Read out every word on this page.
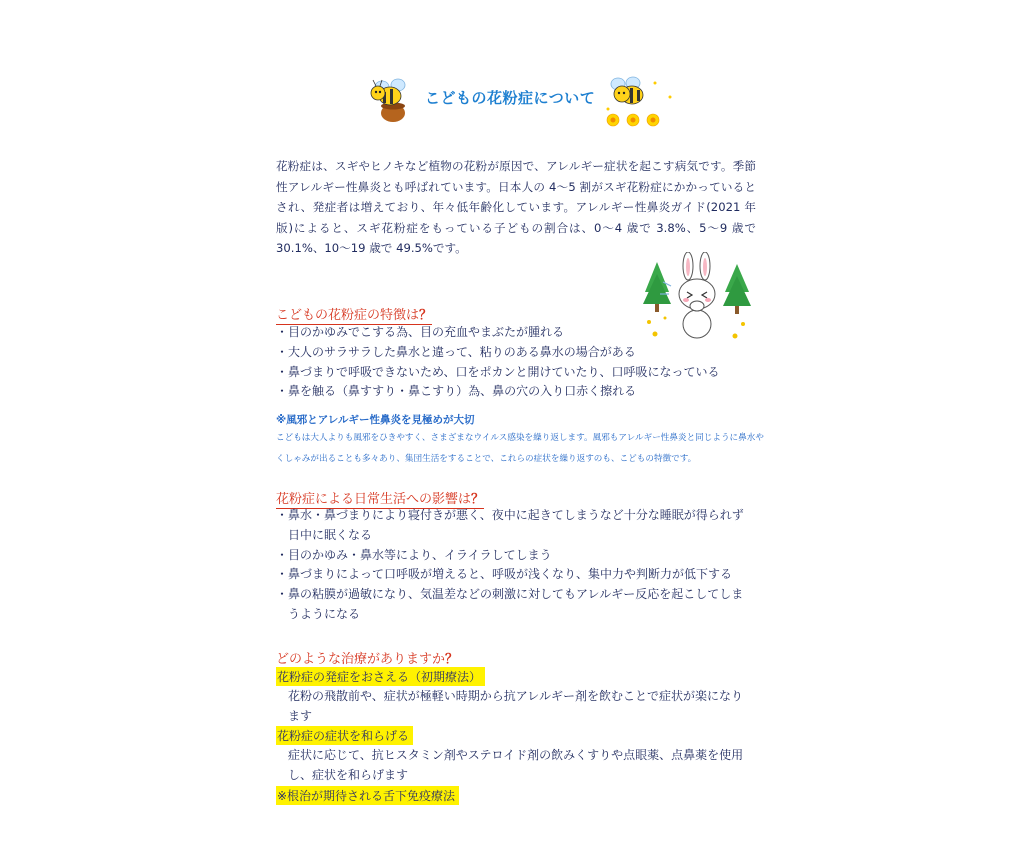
こどもの花粉症について

花粉症は、スギやヒノキなど植物の花粉が原因で、アレルギー症状を起こす病気です。季節性アレルギー性鼻炎とも呼ばれています。日本人の 4～5 割がスギ花粉症にかかっているとされ、発症者は増えており、年々低年齢化しています。アレルギー性鼻炎ガイド(2021 年版)によると、スギ花粉症をもっている子どもの割合は、0～4 歳で 3.8%、5～9 歳で 30.1%、10～19 歳で 49.5%です。

こどもの花粉症の特徴は？
・目のかゆみでこする為、目の充血やまぶたが腫れる
・大人のサラサラした鼻水と違って、粘りのある鼻水の場合がある
・鼻づまりで呼吸できないため、口をポカンと開けていたり、口呼吸になっている
・鼻を触る（鼻すすり・鼻こすり）為、鼻の穴の入り口赤く擦れる
※風邪とアレルギー性鼻炎を見極めが大切
こどもは大人よりも風邪をひきやすく、さまざまなウイルス感染を繰り返します。風邪もアレルギー性鼻炎と同じように鼻水やくしゃみが出ることも多々あり、集団生活をすることで、これらの症状を繰り返すのも、こどもの特徴です。
花粉症による日常生活への影響は？
・鼻水・鼻づまりにより寝付きが悪く、夜中に起きてしまうなど十分な睡眠が得られず日中に眠くなる
・目のかゆみ・鼻水等により、イライラしてしまう
・鼻づまりによって口呼吸が増えると、呼吸が浅くなり、集中力や判断力が低下する
・鼻の粘膜が過敏になり、気温差などの刺激に対してもアレルギー反応を起こしてしまうようになる
どのような治療がありますか？
花粉症の発症をおさえる（初期療法）
花粉の飛散前や、症状が極軽い時期から抗アレルギー剤を飲むことで症状が楽になります
花粉症の症状を和らげる
症状に応じて、抗ヒスタミン剤やステロイド剤の飲みくすりや点眼薬、点鼻薬を使用し、症状を和らげます
※根治が期待される舌下免疫療法
